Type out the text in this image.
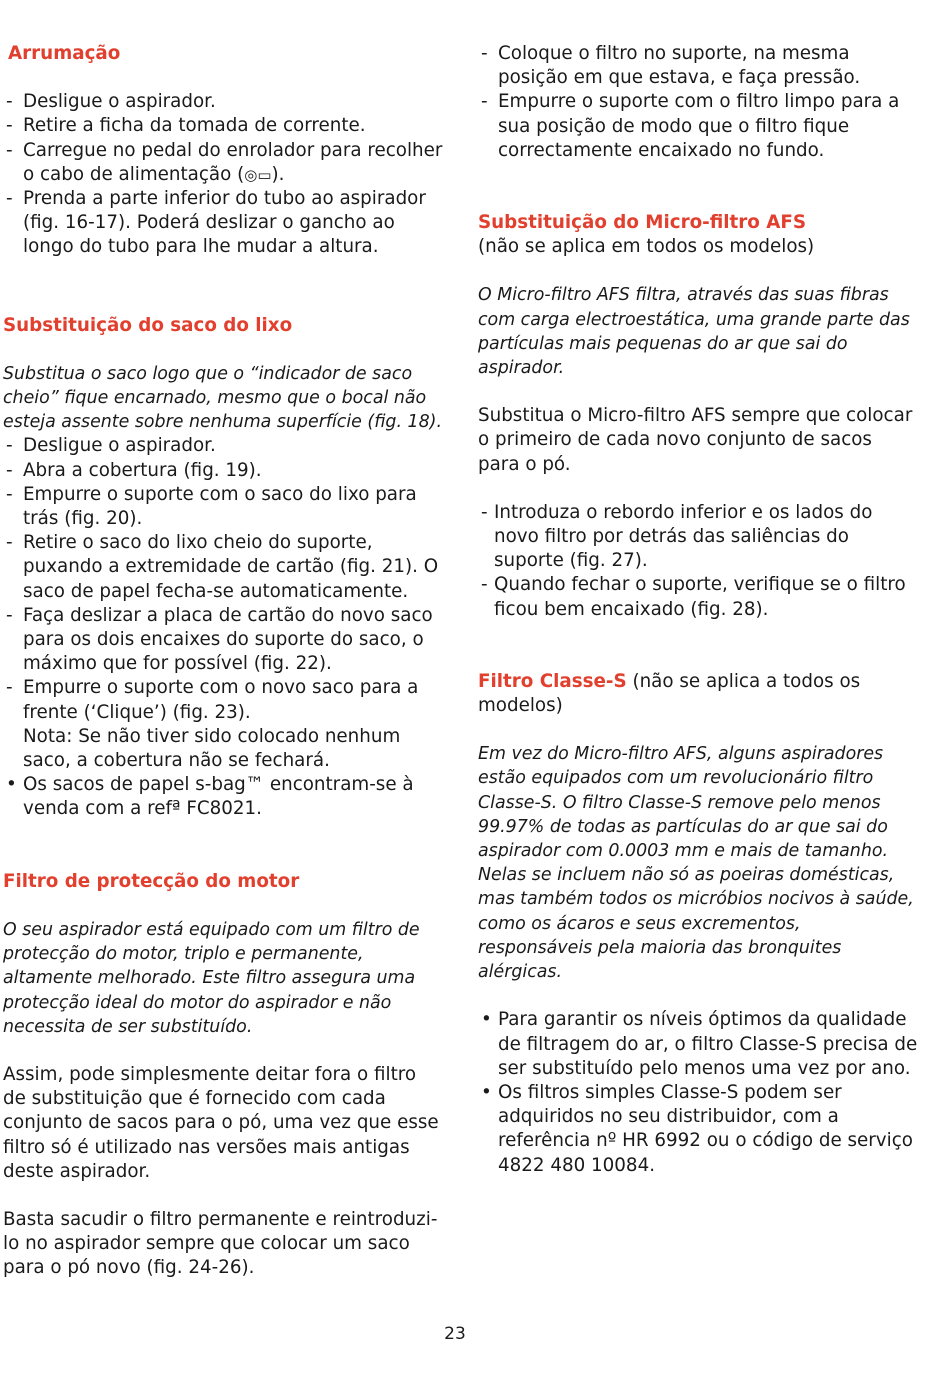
Arrumação

- Desligue o aspirador.
- Retire a ficha da tomada de corrente.
- Carregue no pedal do enrolador para recolher o cabo de alimentação (◎▭).
- Prenda a parte inferior do tubo ao aspirador (fig. 16-17). Poderá deslizar o gancho ao longo do tubo para lhe mudar a altura.

Substituição do saco do lixo

Substitua o saco logo que o “indicador de saco cheio” fique encarnado, mesmo que o bocal não esteja assente sobre nenhuma superfície (fig. 18).

- Desligue o aspirador.
- Abra a cobertura (fig. 19).
- Empurre o suporte com o saco do lixo para trás (fig. 20).
- Retire o saco do lixo cheio do suporte, puxando a extremidade de cartão (fig. 21). O saco de papel fecha-se automaticamente.
- Faça deslizar a placa de cartão do novo saco para os dois encaixes do suporte do saco, o máximo que for possível (fig. 22).
- Empurre o suporte com o novo saco para a frente (‘Clique’) (fig. 23).

Nota: Se não tiver sido colocado nenhum saco, a cobertura não se fechará.

• Os sacos de papel s-bag™ encontram-se à venda com a refª FC8021.

Filtro de protecção do motor

O seu aspirador está equipado com um filtro de protecção do motor, triplo e permanente, altamente melhorado. Este filtro assegura uma protecção ideal do motor do aspirador e não necessita de ser substituído.

Assim, pode simplesmente deitar fora o filtro de substituição que é fornecido com cada conjunto de sacos para o pó, uma vez que esse filtro só é utilizado nas versões mais antigas deste aspirador.

Basta sacudir o filtro permanente e reintroduzi-lo no aspirador sempre que colocar um saco para o pó novo (fig. 24-26).

- Coloque o filtro no suporte, na mesma posição em que estava, e faça pressão.
- Empurre o suporte com o filtro limpo para a sua posição de modo que o filtro fique correctamente encaixado no fundo.

Substituição do Micro-filtro AFS

(não se aplica em todos os modelos)

O Micro-filtro AFS filtra, através das suas fibras com carga electroestática, uma grande parte das partículas mais pequenas do ar que sai do aspirador.

Substitua o Micro-filtro AFS sempre que colocar o primeiro de cada novo conjunto de sacos para o pó.

- Introduza o rebordo inferior e os lados do novo filtro por detrás das saliências do suporte (fig. 27).
- Quando fechar o suporte, verifique se o filtro ficou bem encaixado (fig. 28).

Filtro Classe-S (não se aplica a todos os modelos)

Em vez do Micro-filtro AFS, alguns aspiradores estão equipados com um revolucionário filtro Classe-S. O filtro Classe-S remove pelo menos 99.97% de todas as partículas do ar que sai do aspirador com 0.0003 mm e mais de tamanho.

Nelas se incluem não só as poeiras domésticas, mas também todos os micróbios nocivos à saúde, como os ácaros e seus excrementos, responsáveis pela maioria das bronquites alérgicas.

• Para garantir os níveis óptimos da qualidade de filtragem do ar, o filtro Classe-S precisa de ser substituído pelo menos uma vez por ano.
• Os filtros simples Classe-S podem ser adquiridos no seu distribuidor, com a referência nº HR 6992 ou o código de serviço 4822 480 10084.
23
